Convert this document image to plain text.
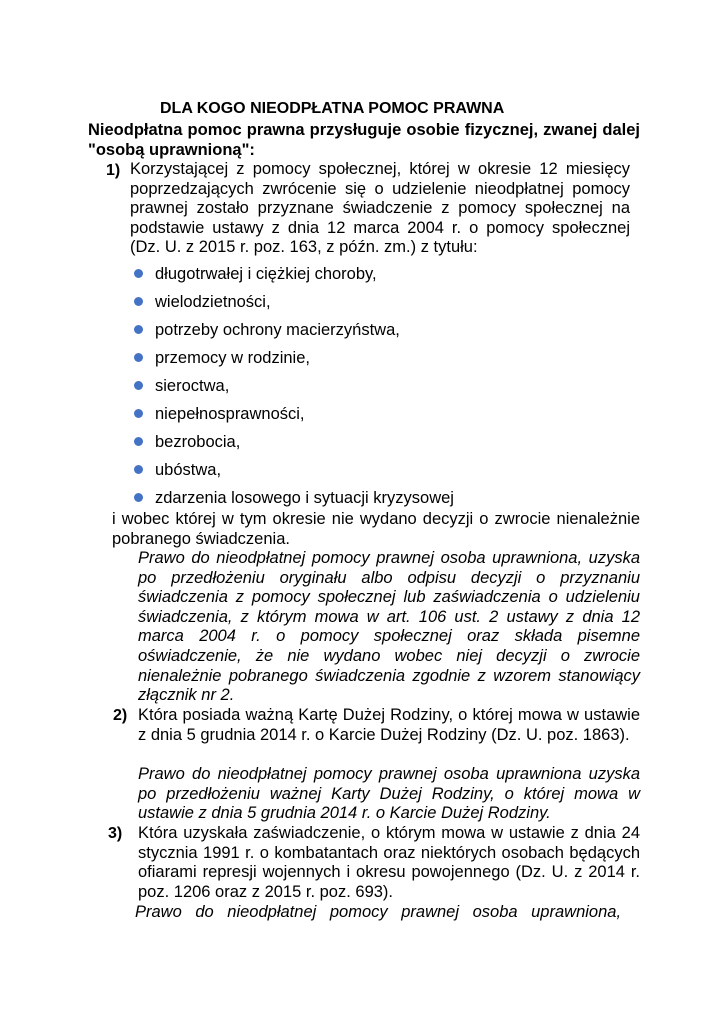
DLA KOGO NIEODPŁATNA POMOC PRAWNA
Nieodpłatna pomoc prawna przysługuje osobie fizycznej, zwanej dalej "osobą uprawnioną":
1) Korzystającej z pomocy społecznej, której w okresie 12 miesięcy poprzedzających zwrócenie się o udzielenie nieodpłatnej pomocy prawnej zostało przyznane świadczenie z pomocy społecznej na podstawie ustawy z dnia 12 marca 2004 r. o pomocy społecznej (Dz. U. z 2015 r. poz. 163, z późn. zm.) z tytułu:
długotrwałej i ciężkiej choroby,
wielodzietności,
potrzeby ochrony macierzyństwa,
przemocy w rodzinie,
sieroctwa,
niepełnosprawności,
bezrobocia,
ubóstwa,
zdarzenia losowego i sytuacji kryzysowej
i wobec której w tym okresie nie wydano decyzji o zwrocie nienależnie pobranego świadczenia.
Prawo do nieodpłatnej pomocy prawnej osoba uprawniona, uzyska po przedłożeniu oryginału albo odpisu decyzji o przyznaniu świadczenia z pomocy społecznej lub zaświadczenia o udzieleniu świadczenia, z którym mowa w art. 106 ust. 2 ustawy z dnia 12 marca 2004 r. o pomocy społecznej oraz składa pisemne oświadczenie, że nie wydano wobec niej decyzji o zwrocie nienależnie pobranego świadczenia zgodnie z wzorem stanowiący złącznik nr 2.
2) Która posiada ważną Kartę Dużej Rodziny, o której mowa w ustawie z dnia 5 grudnia 2014 r. o Karcie Dużej Rodziny (Dz. U. poz. 1863).
Prawo do nieodpłatnej pomocy prawnej osoba uprawniona uzyska po przedłożeniu ważnej Karty Dużej Rodziny, o której mowa w ustawie z dnia 5 grudnia 2014 r. o Karcie Dużej Rodziny.
3) Która uzyskała zaświadczenie, o którym mowa w ustawie z dnia 24 stycznia 1991 r. o kombatantach oraz niektórych osobach będących ofiarami represji wojennych i okresu powojennego (Dz. U. z 2014 r. poz. 1206 oraz z 2015 r. poz. 693).
Prawo do nieodpłatnej pomocy prawnej osoba uprawniona,
